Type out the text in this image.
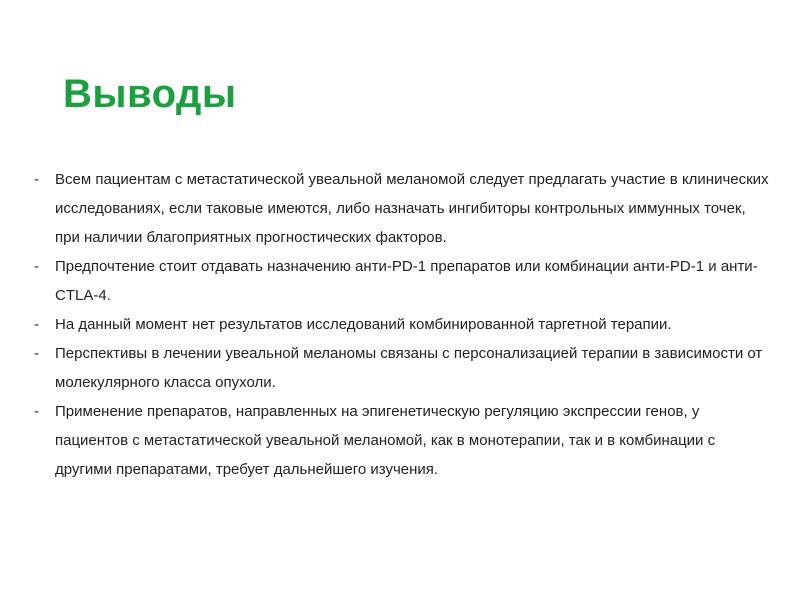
Выводы
-	Всем пациентам с метастатической увеальной меланомой следует предлагать участие в клинических исследованиях, если таковые имеются, либо назначать ингибиторы контрольных иммунных точек, при наличии благоприятных прогностических факторов.
-	Предпочтение стоит отдавать назначению анти-PD-1 препаратов или комбинации анти-PD-1 и анти-CTLA-4.
-	На данный момент нет результатов исследований комбинированной таргетной терапии.
-	Перспективы в лечении увеальной меланомы связаны с персонализацией терапии в зависимости от молекулярного класса опухоли.
-	Применение препаратов, направленных на эпигенетическую регуляцию экспрессии генов, у пациентов с метастатической увеальной меланомой, как в монотерапии, так и в комбинации с другими препаратами, требует дальнейшего изучения.
